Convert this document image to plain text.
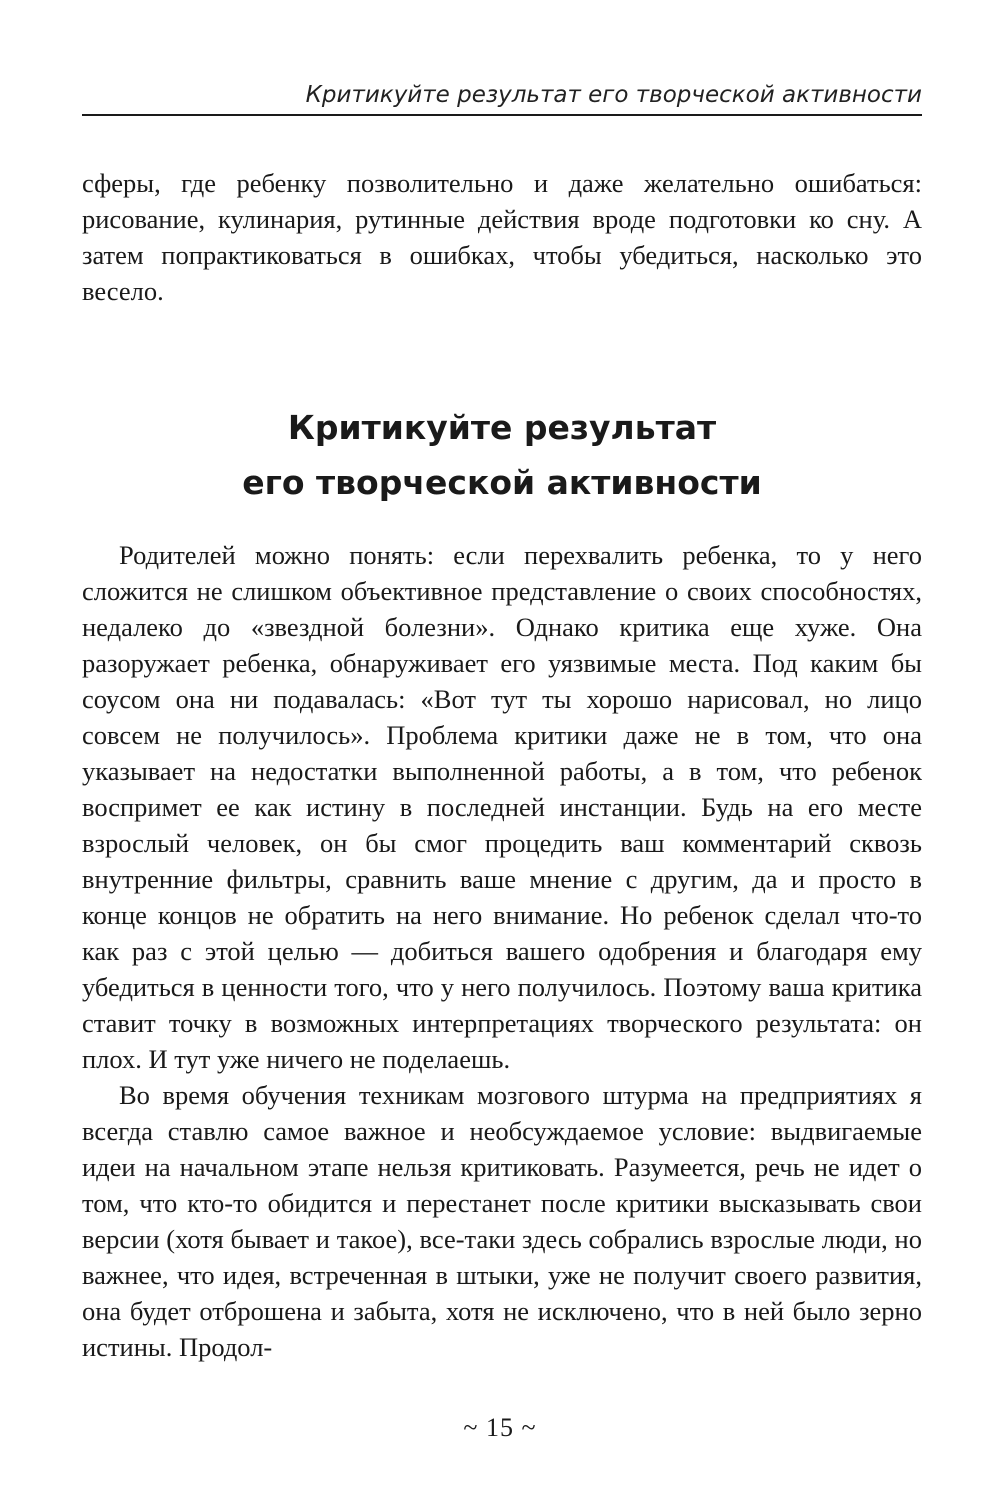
Критикуйте результат его творческой активности

сферы, где ребенку позволительно и даже желательно ошибаться: рисование, кулинария, рутинные действия вроде подготовки ко сну. А затем попрактиковаться в ошибках, чтобы убедиться, насколько это весело.

Критикуйте результат
его творческой активности

Родителей можно понять: если перехвалить ребенка, то у него сложится не слишком объективное представление о своих способностях, недалеко до «звездной болезни». Однако критика еще хуже. Она разоружает ребенка, обнаруживает его уязвимые места. Под каким бы соусом она ни подавалась: «Вот тут ты хорошо нарисовал, но лицо совсем не получилось». Проблема критики даже не в том, что она указывает на недостатки выполненной работы, а в том, что ребенок воспримет ее как истину в последней инстанции. Будь на его месте взрослый человек, он бы смог процедить ваш комментарий сквозь внутренние фильтры, сравнить ваше мнение с другим, да и просто в конце концов не обратить на него внимание. Но ребенок сделал что-то как раз с этой целью — добиться вашего одобрения и благодаря ему убедиться в ценности того, что у него получилось. Поэтому ваша критика ставит точку в возможных интерпретациях творческого результата: он плох. И тут уже ничего не поделаешь.

Во время обучения техникам мозгового штурма на предприятиях я всегда ставлю самое важное и необсуждаемое условие: выдвигаемые идеи на начальном этапе нельзя критиковать. Разумеется, речь не идет о том, что кто-то обидится и перестанет после критики высказывать свои версии (хотя бывает и такое), все-таки здесь собрались взрослые люди, но важнее, что идея, встреченная в штыки, уже не получит своего развития, она будет отброшена и забыта, хотя не исключено, что в ней было зерно истины. Продол-

~ 15 ~
